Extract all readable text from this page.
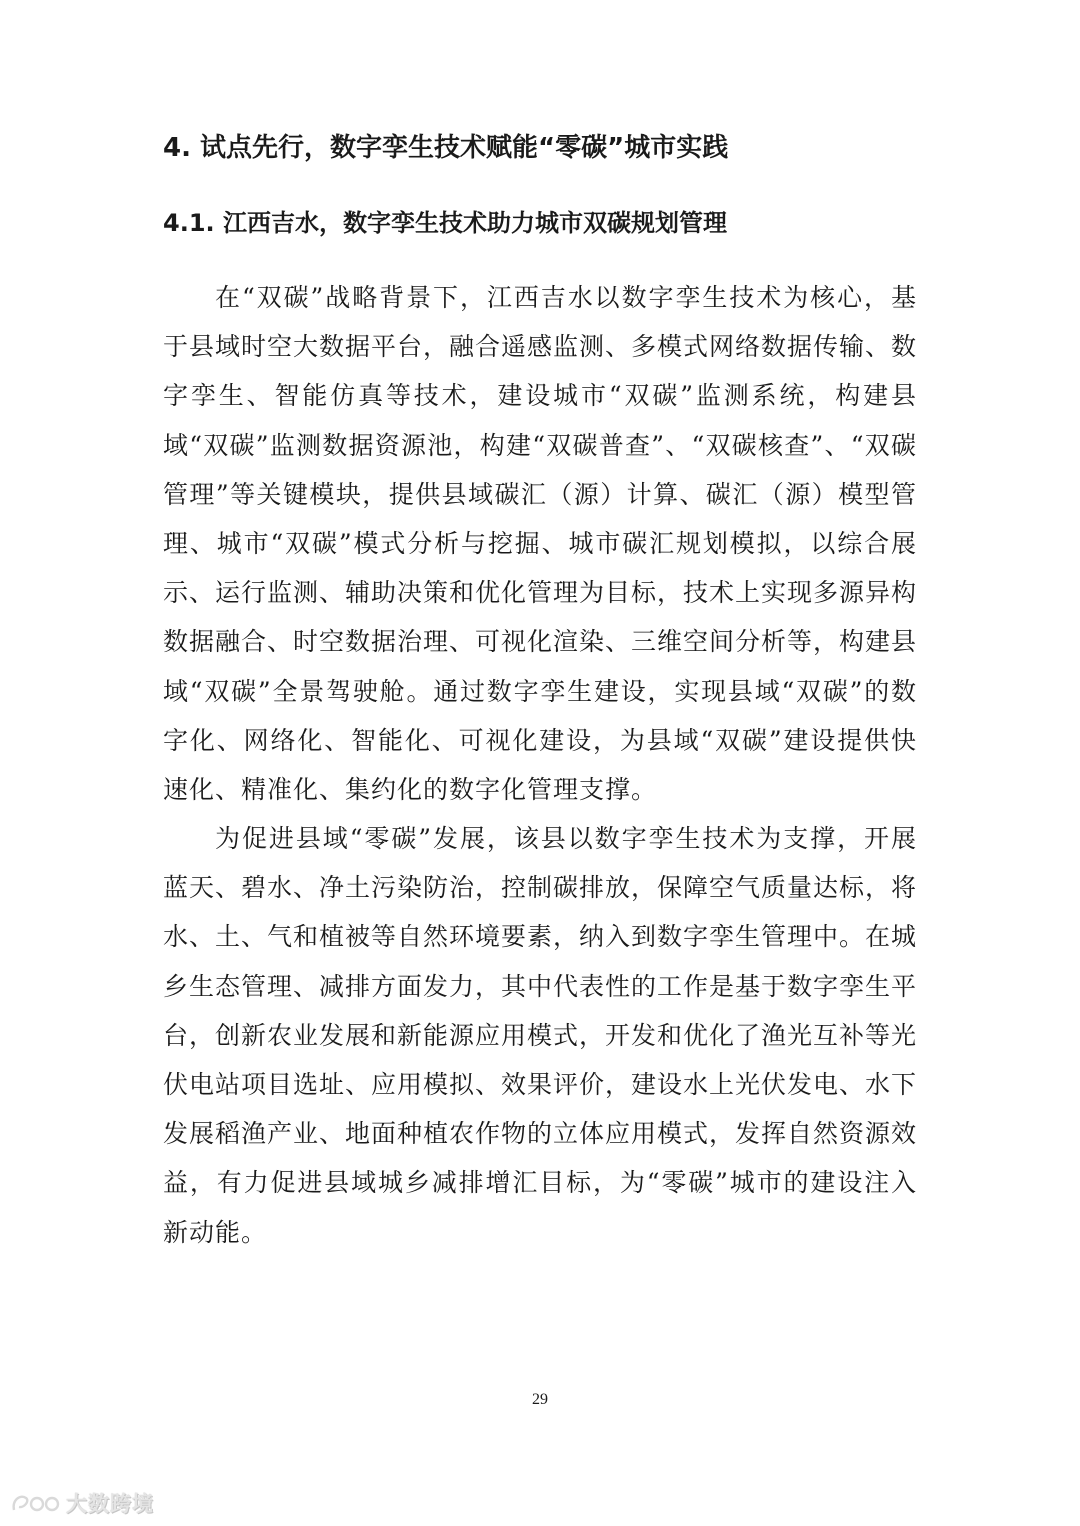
4. 试点先行，数字孪生技术赋能“零碳”城市实践
4.1. 江西吉水，数字孪生技术助力城市双碳规划管理

在“双碳”战略背景下，江西吉水以数字孪生技术为核心，基于县域时空大数据平台，融合遥感监测、多模式网络数据传输、数字孪生、智能仿真等技术，建设城市“双碳”监测系统，构建县域“双碳”监测数据资源池，构建“双碳普查”、“双碳核查”、“双碳管理”等关键模块，提供县域碳汇（源）计算、碳汇（源）模型管理、城市“双碳”模式分析与挖掘、城市碳汇规划模拟，以综合展示、运行监测、辅助决策和优化管理为目标，技术上实现多源异构数据融合、时空数据治理、可视化渲染、三维空间分析等，构建县域“双碳”全景驾驶舱。通过数字孪生建设，实现县域“双碳”的数字化、网络化、智能化、可视化建设，为县域“双碳”建设提供快速化、精准化、集约化的数字化管理支撑。

为促进县域“零碳”发展，该县以数字孪生技术为支撑，开展蓝天、碧水、净土污染防治，控制碳排放，保障空气质量达标，将水、土、气和植被等自然环境要素，纳入到数字孪生管理中。在城乡生态管理、减排方面发力，其中代表性的工作是基于数字孪生平台，创新农业发展和新能源应用模式，开发和优化了渔光互补等光伏电站项目选址、应用模拟、效果评价，建设水上光伏发电、水下发展稻渔产业、地面种植农作物的立体应用模式，发挥自然资源效益，有力促进县域城乡减排增汇目标，为“零碳”城市的建设注入新动能。

29
大数跨境
